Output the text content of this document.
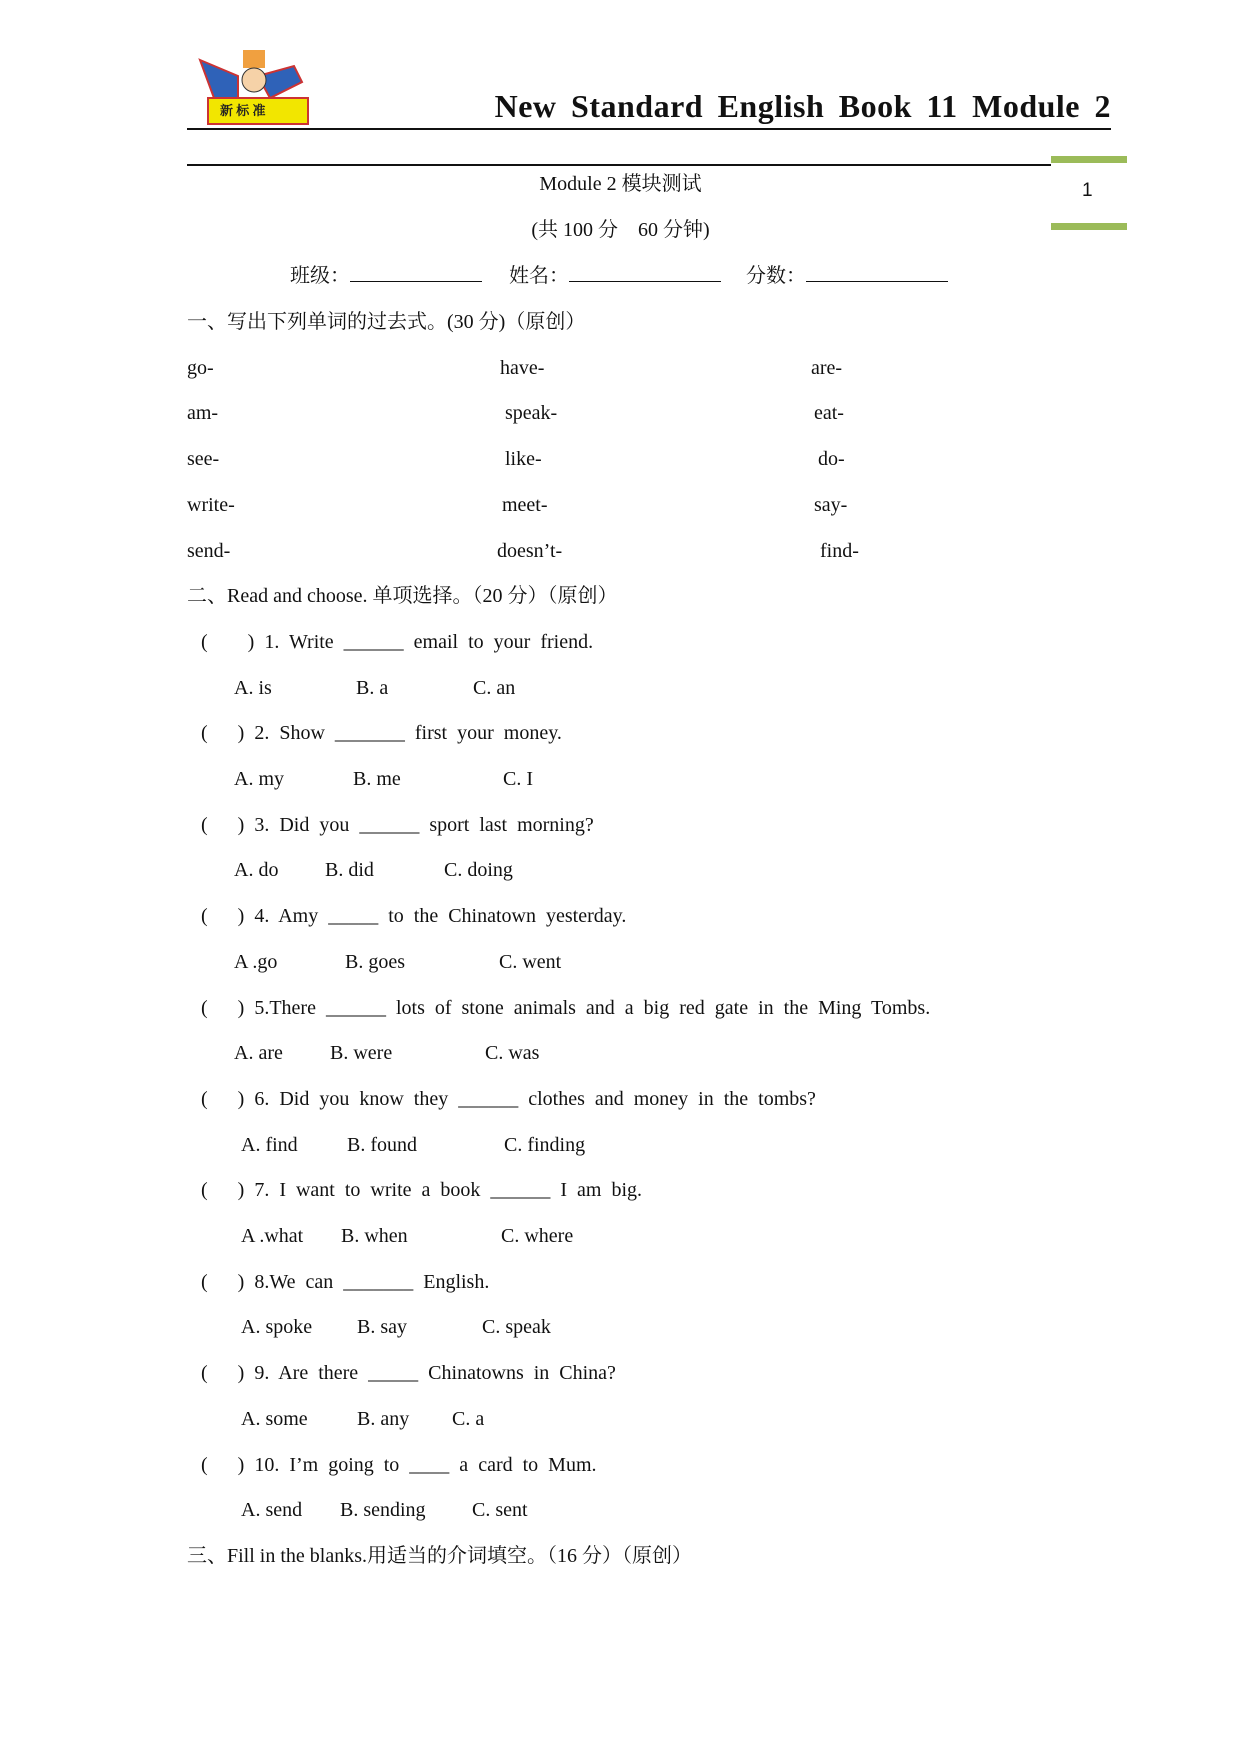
新 标 准	New Standard English Book 11 Module 2
1
Module 2 模块测试
(共 100 分　60 分钟)
班级：	姓名：	分数：
一、写出下列单词的过去式。(30 分)（原创）
go-	have-	are-
am-	speak-	eat-
see-	like-	do-
write-	meet-	say-
send-	doesn’t-	find-
二、Read and choose. 单项选择。（20 分）（原创）
(　　) 1. Write ______ email to your friend.
A. is	B. a	C. an
(　 ) 2. Show _______ first your money.
A. my	B. me	C. I
(　 ) 3. Did you ______ sport last morning?
A. do B. did	C. doing
(　 ) 4. Amy _____ to the Chinatown yesterday.
A .go	B. goes	C. went
(　 ) 5.There ______ lots of stone animals and a big red gate in the Ming Tombs.
A. are B. were	C. was
(　 ) 6. Did you know they ______ clothes and money in the tombs?
A. find B. found	C. finding
(　 ) 7. I want to write a book ______ I am big.
A .what B. when	C. where
(　 ) 8.We can _______ English.
A. spoke B. say	C. speak
(　 ) 9. Are there _____ Chinatowns in China?
A. some B. any C. a
(　 ) 10. I’m going to ____ a card to Mum.
A. send B. sending C. sent
三、Fill in the blanks.用适当的介词填空。（16 分）（原创）
